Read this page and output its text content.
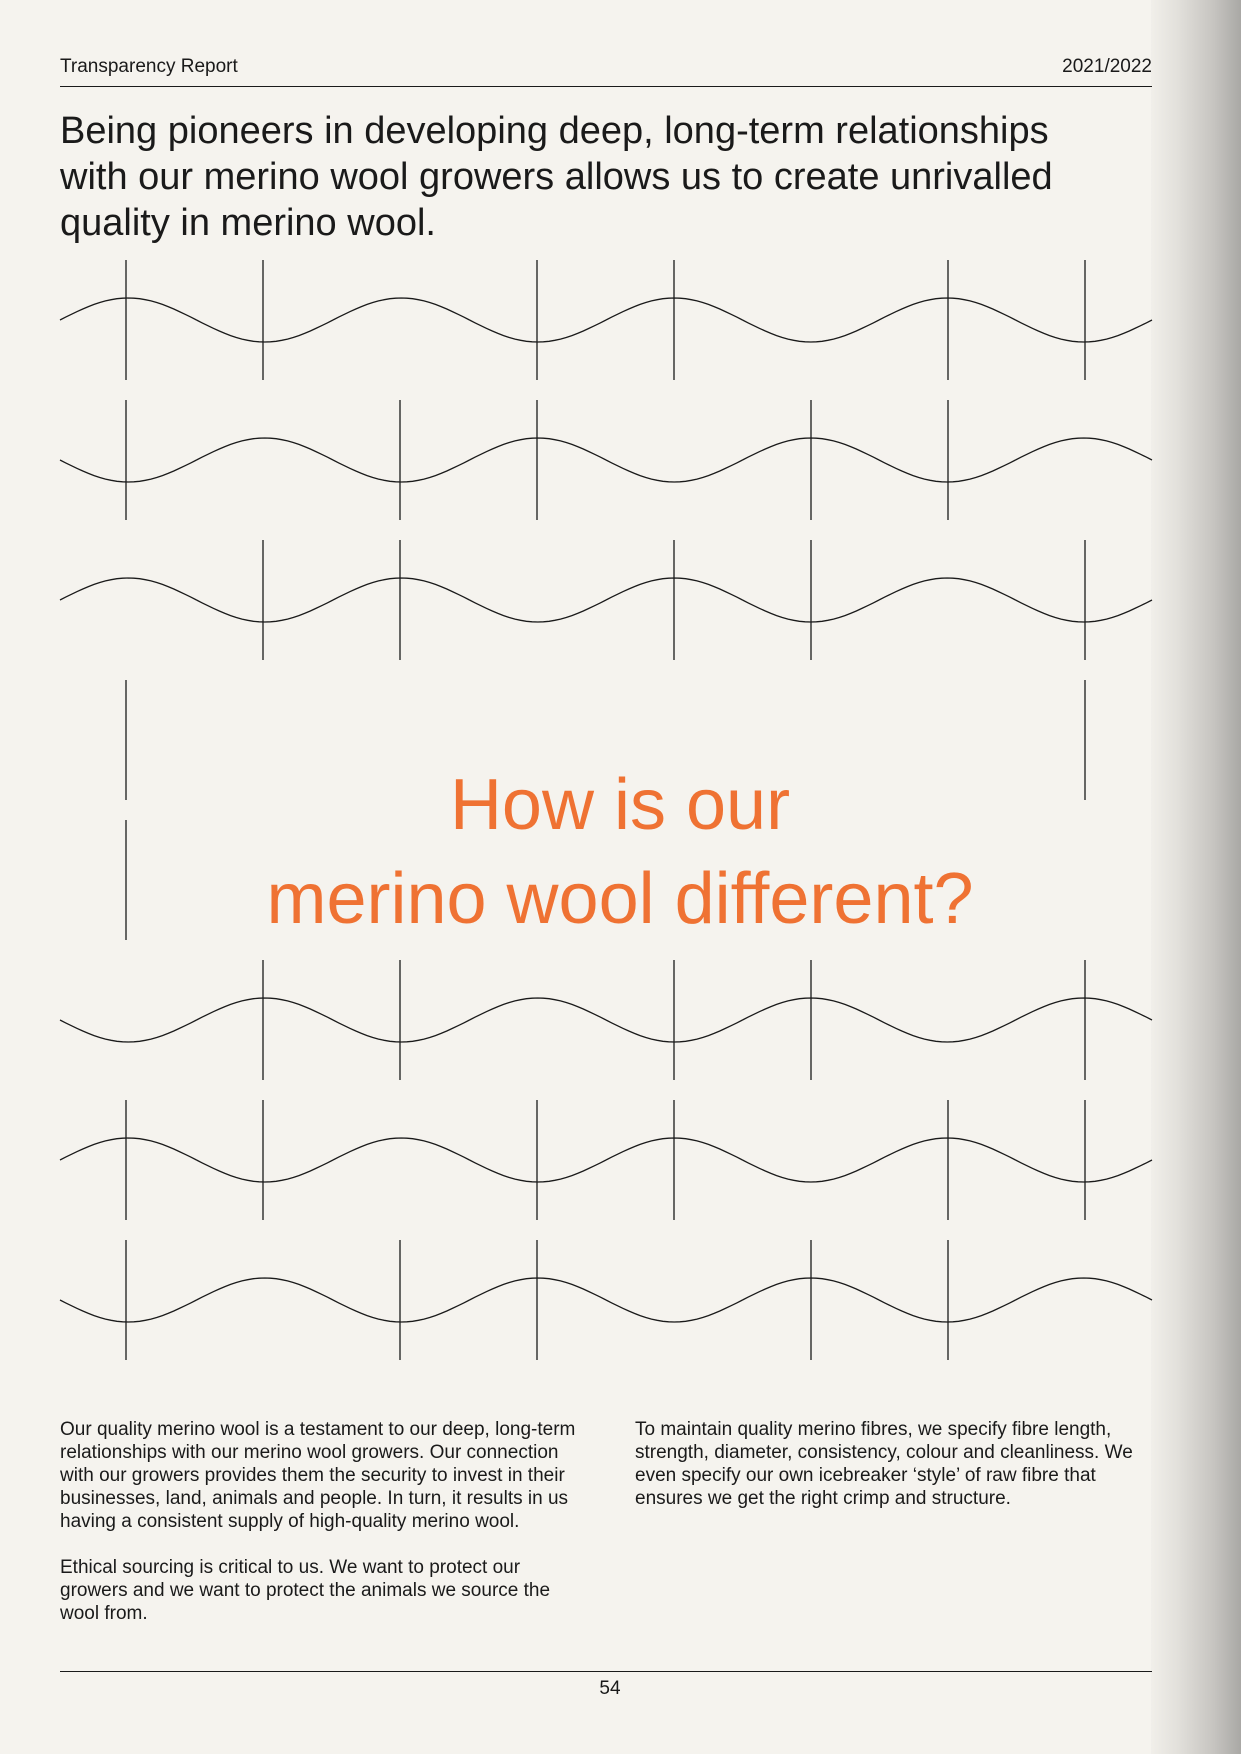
Transparency Report	2021/2022
Being pioneers in developing deep, long-term relationships with our merino wool growers allows us to create unrivalled quality in merino wool.
How is our
merino wool different?

Our quality merino wool is a testament to our deep, long-term relationships with our merino wool growers. Our connection with our growers provides them the security to invest in their businesses, land, animals and people. In turn, it results in us having a consistent supply of high-quality merino wool.

Ethical sourcing is critical to us. We want to protect our growers and we want to protect the animals we source the wool from.

To maintain quality merino fibres, we specify fibre length, strength, diameter, consistency, colour and cleanliness. We even specify our own icebreaker ‘style’ of raw fibre that ensures we get the right crimp and structure.

54
